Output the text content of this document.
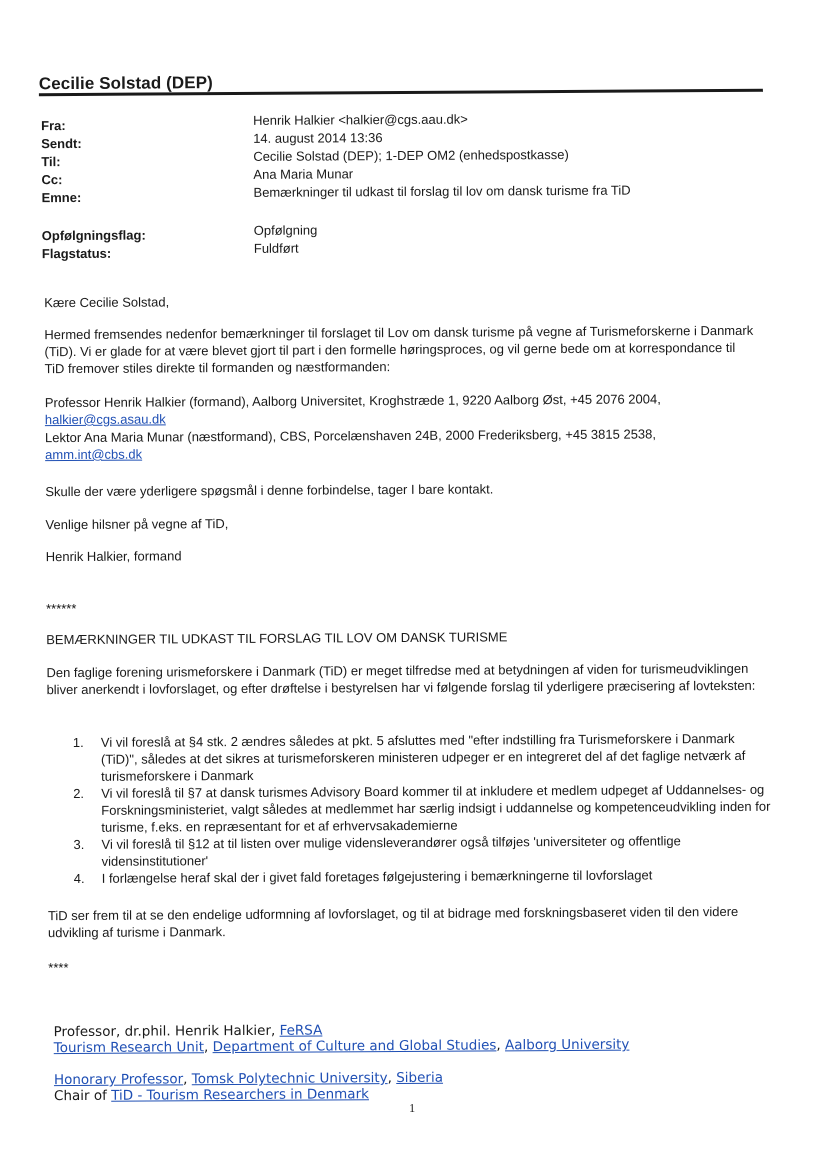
Cecilie Solstad (DEP)
Fra:	Henrik Halkier <halkier@cgs.aau.dk>
Sendt:	14. august 2014 13:36
Til:	Cecilie Solstad (DEP); 1-DEP OM2 (enhedspostkasse)
Cc:	Ana Maria Munar
Emne:	Bemærkninger til udkast til forslag til lov om dansk turisme fra TiD
Opfølgningsflag:	Opfølgning
Flagstatus:	Fuldført
Kære Cecilie Solstad,
Hermed fremsendes nedenfor bemærkninger til forslaget til Lov om dansk turisme på vegne af Turismeforskerne i Danmark (TiD). Vi er glade for at være blevet gjort til part i den formelle høringsproces, og vil gerne bede om at korrespondance til TiD fremover stiles direkte til formanden og næstformanden:
Professor Henrik Halkier (formand), Aalborg Universitet, Kroghstræde 1, 9220 Aalborg Øst, +45 2076 2004, halkier@cgs.asau.dk
Lektor Ana Maria Munar (næstformand), CBS, Porcelænshaven 24B, 2000 Frederiksberg, +45 3815 2538, amm.int@cbs.dk
Skulle der være yderligere spøgsmål i denne forbindelse, tager I bare kontakt.
Venlige hilsner på vegne af TiD,
Henrik Halkier, formand
******
BEMÆRKNINGER TIL UDKAST TIL FORSLAG TIL LOV OM DANSK TURISME
Den faglige forening urismeforskere i Danmark (TiD) er meget tilfredse med at betydningen af viden for turismeudviklingen bliver anerkendt i lovforslaget, og efter drøftelse i bestyrelsen har vi følgende forslag til yderligere præcisering af lovteksten:
1. Vi vil foreslå at §4 stk. 2 ændres således at pkt. 5 afsluttes med "efter indstilling fra Turismeforskere i Danmark (TiD)", således at det sikres at turismeforskeren ministeren udpeger er en integreret del af det faglige netværk af turismeforskere i Danmark
2. Vi vil foreslå til §7 at dansk turismes Advisory Board kommer til at inkludere et medlem udpeget af Uddannelses- og Forskningsministeriet, valgt således at medlemmet har særlig indsigt i uddannelse og kompetenceudvikling inden for turisme, f.eks. en repræsentant for et af erhvervsakademierne
3. Vi vil foreslå til §12 at til listen over mulige vidensleverandører også tilføjes 'universiteter og offentlige vidensinstitutioner'
4. I forlængelse heraf skal der i givet fald foretages følgejustering i bemærkningerne til lovforslaget
TiD ser frem til at se den endelige udformning af lovforslaget, og til at bidrage med forskningsbaseret viden til den videre udvikling af turisme i Danmark.
****
Professor, dr.phil. Henrik Halkier, FeRSA
Tourism Research Unit, Department of Culture and Global Studies, Aalborg University
Honorary Professor, Tomsk Polytechnic University, Siberia
Chair of TiD - Tourism Researchers in Denmark
1
